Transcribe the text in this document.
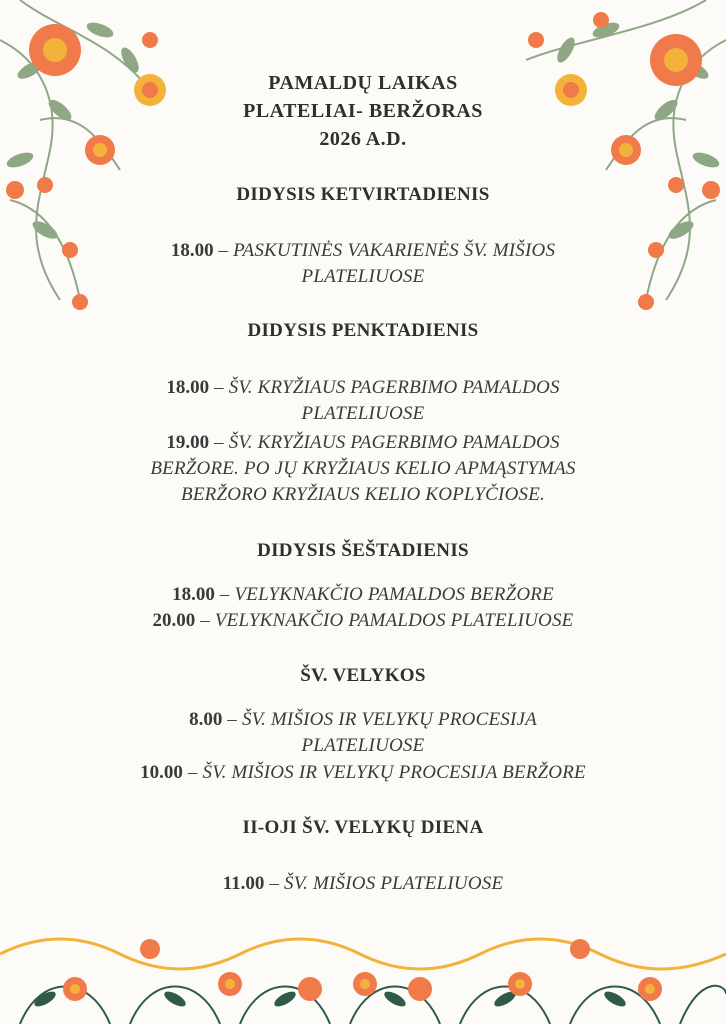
PAMALDŲ LAIKAS
PLATELIAI- BERŽORAS
2026 A.D.
DIDYSIS KETVIRTADIENIS
18.00 – PASKUTINĖS VAKARIENĖS ŠV. MIŠIOS
PLATELIUOSE
DIDYSIS PENKTADIENIS
18.00 – ŠV. KRYŽIAUS PAGERBIMO PAMALDOS
PLATELIUOSE
19.00 – ŠV. KRYŽIAUS PAGERBIMO PAMALDOS
BERŽORE. PO JŲ KRYŽIAUS KELIO APMĄSTYMAS
BERŽORO KRYŽIAUS KELIO KOPLYČIOSE.
DIDYSIS ŠEŠTADIENIS
18.00 – VELYKNAKČIO PAMALDOS BERŽORE
20.00 – VELYKNAKČIO PAMALDOS PLATELIUOSE
ŠV. VELYKOS
8.00 – ŠV. MIŠIOS IR VELYKŲ PROCESIJA
PLATELIUOSE
10.00 – ŠV. MIŠIOS IR VELYKŲ PROCESIJA BERŽORE
II-OJI ŠV. VELYKŲ DIENA
11.00 – ŠV. MIŠIOS PLATELIUOSE
